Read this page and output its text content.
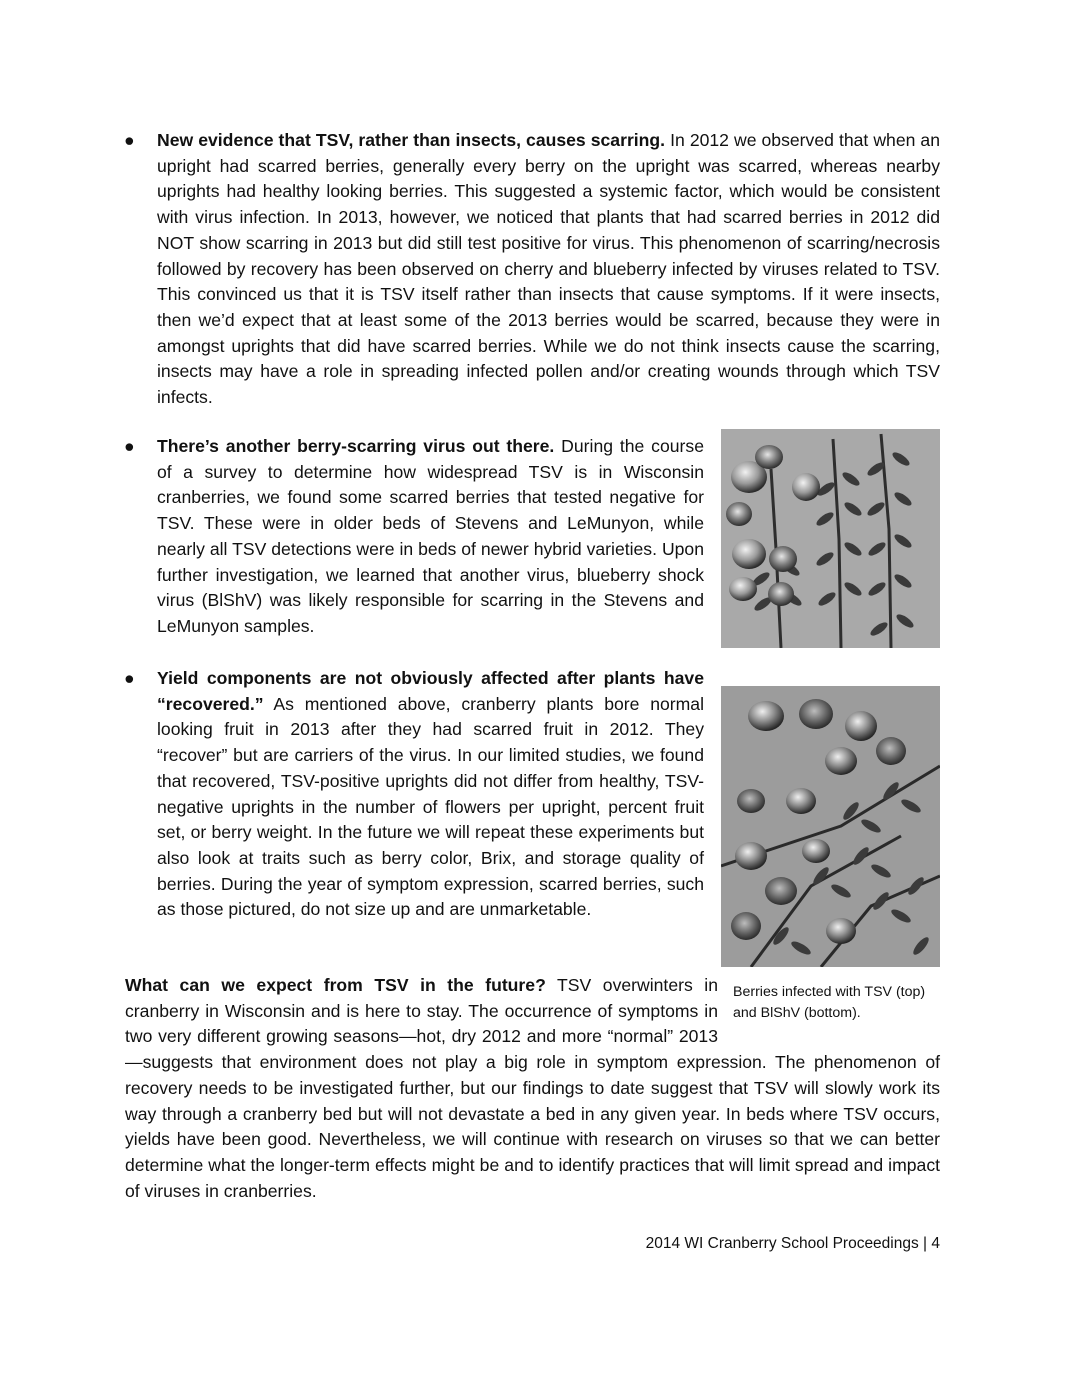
● New evidence that TSV, rather than insects, causes scarring. In 2012 we observed that when an upright had scarred berries, generally every berry on the upright was scarred, whereas nearby uprights had healthy looking berries. This suggested a systemic factor, which would be consistent with virus infection. In 2013, however, we noticed that plants that had scarred berries in 2012 did NOT show scarring in 2013 but did still test positive for virus. This phenomenon of scarring/necrosis followed by recovery has been observed on cherry and blueberry infected by viruses related to TSV. This convinced us that it is TSV itself rather than insects that cause symptoms. If it were insects, then we’d expect that at least some of the 2013 berries would be scarred, because they were in amongst uprights that did have scarred berries. While we do not think insects cause the scarring, insects may have a role in spreading infected pollen and/or creating wounds through which TSV infects.
● There’s another berry-scarring virus out there. During the course of a survey to determine how widespread TSV is in Wisconsin cranberries, we found some scarred berries that tested negative for TSV. These were in older beds of Stevens and LeMunyon, while nearly all TSV detections were in beds of newer hybrid varieties. Upon further investigation, we learned that another virus, blueberry shock virus (BlShV) was likely responsible for scarring in the Stevens and LeMunyon samples.
● Yield components are not obviously affected after plants have “recovered.” As mentioned above, cranberry plants bore normal looking fruit in 2013 after they had scarred fruit in 2012. They “recover” but are carriers of the virus. In our limited studies, we found that recovered, TSV-positive uprights did not differ from healthy, TSV-negative uprights in the number of flowers per upright, percent fruit set, or berry weight. In the future we will repeat these experiments but also look at traits such as berry color, Brix, and storage quality of berries. During the year of symptom expression, scarred berries, such as those pictured, do not size up and are unmarketable.
Berries infected with TSV (top) and BlShV (bottom).
What can we expect from TSV in the future? TSV overwinters in cranberry in Wisconsin and is here to stay. The occurrence of symptoms in two very different growing seasons—hot, dry 2012 and more “normal” 2013—suggests that environment does not play a big role in symptom expression. The phenomenon of recovery needs to be investigated further, but our findings to date suggest that TSV will slowly work its way through a cranberry bed but will not devastate a bed in any given year. In beds where TSV occurs, yields have been good. Nevertheless, we will continue with research on viruses so that we can better determine what the longer-term effects might be and to identify practices that will limit spread and impact of viruses in cranberries.
2014 WI Cranberry School Proceedings | 4
